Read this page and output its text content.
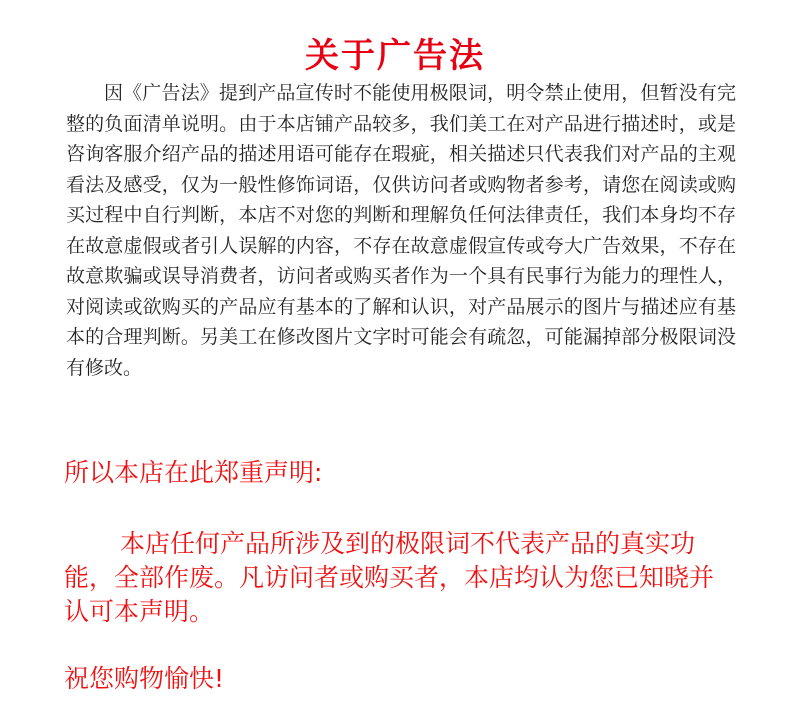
关于广告法

因《广告法》提到产品宣传时不能使用极限词，明令禁止使用，但暂没有完整的负面清单说明。由于本店铺产品较多，我们美工在对产品进行描述时，或是咨询客服介绍产品的描述用语可能存在瑕疵，相关描述只代表我们对产品的主观看法及感受，仅为一般性修饰词语，仅供访问者或购物者参考，请您在阅读或购买过程中自行判断，本店不对您的判断和理解负任何法律责任，我们本身均不存在故意虚假或者引人误解的内容，不存在故意虚假宣传或夸大广告效果，不存在故意欺骗或误导消费者，访问者或购买者作为一个具有民事行为能力的理性人，对阅读或欲购买的产品应有基本的了解和认识，对产品展示的图片与描述应有基本的合理判断。另美工在修改图片文字时可能会有疏忽，可能漏掉部分极限词没有修改。

所以本店在此郑重声明:

本店任何产品所涉及到的极限词不代表产品的真实功能，全部作废。凡访问者或购买者，本店均认为您已知晓并认可本声明。

祝您购物愉快!
